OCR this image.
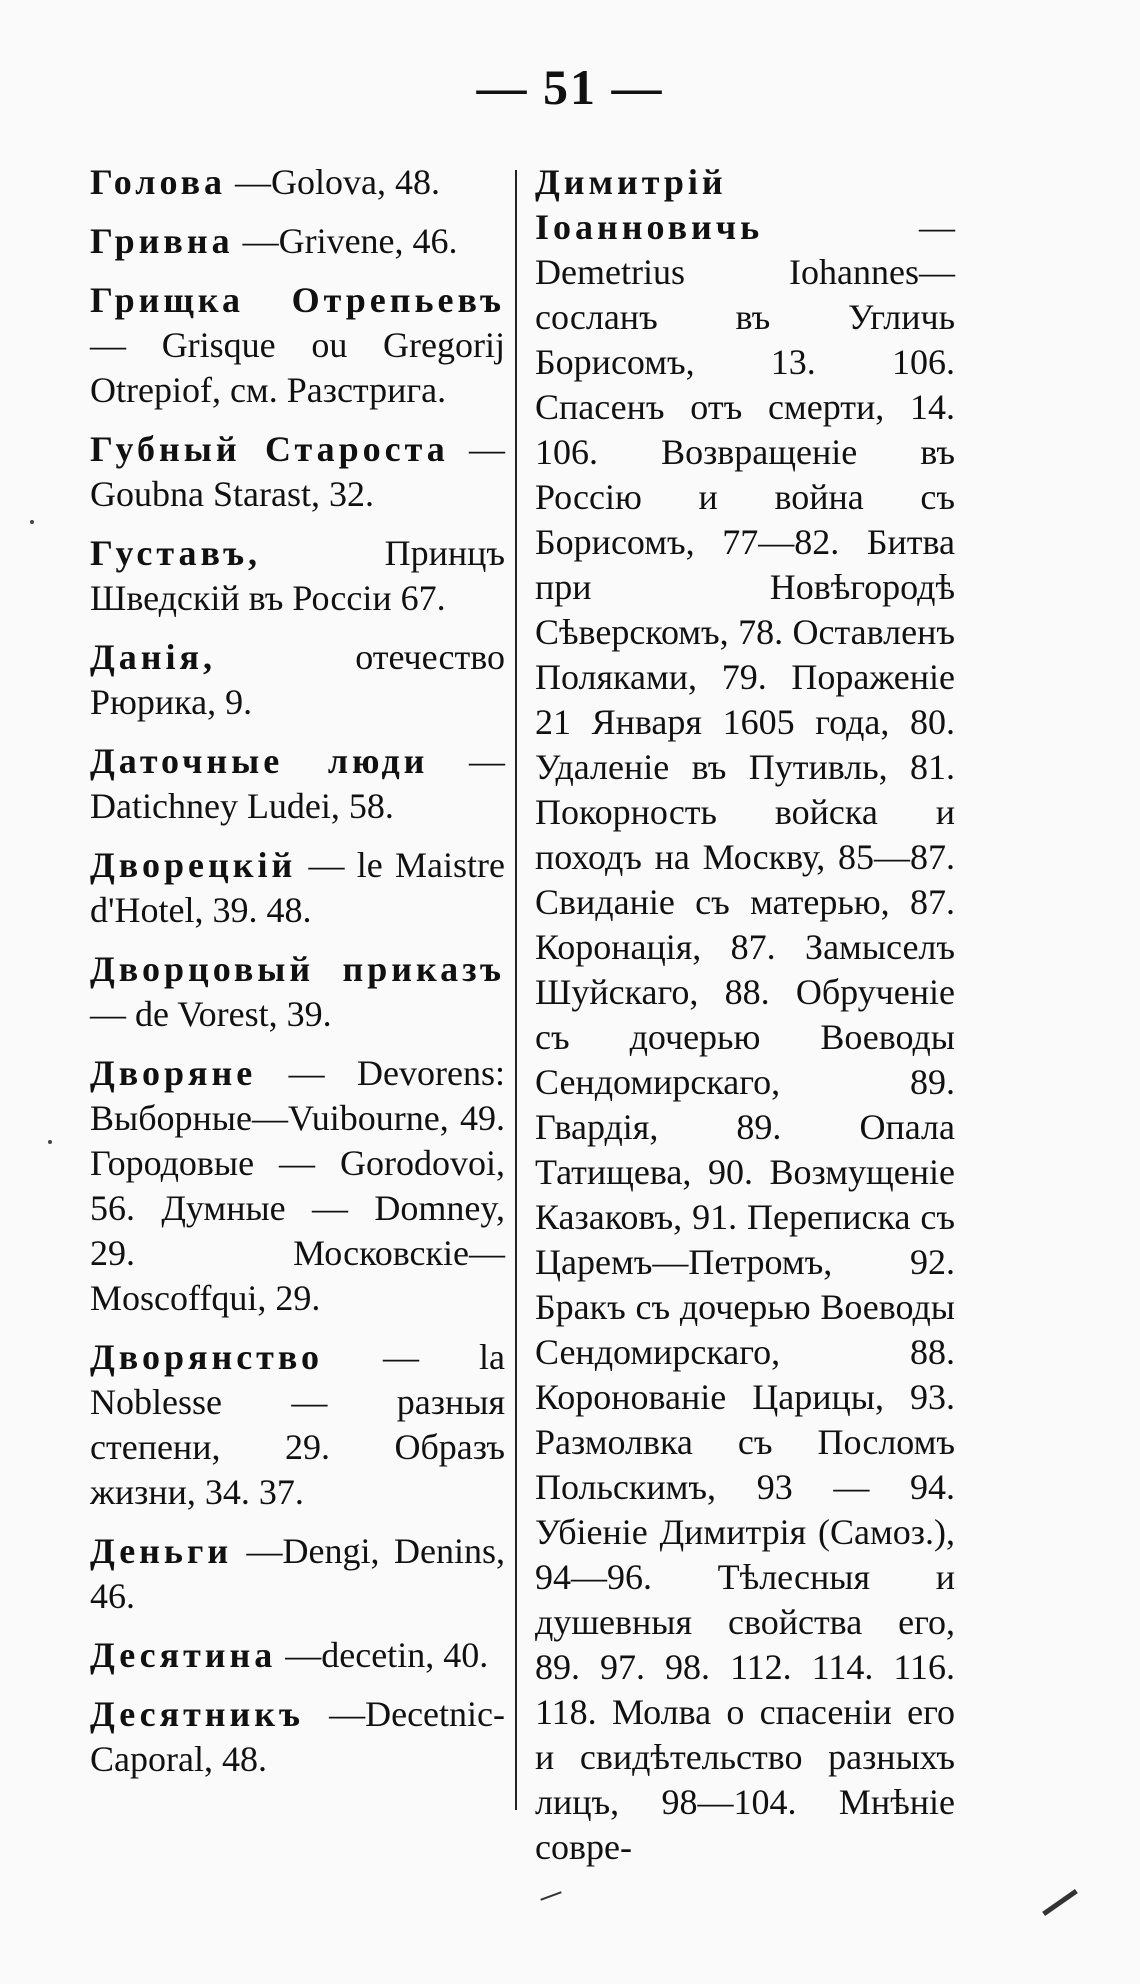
— 51 —

Голова —Golova, 48.

Гривна —Grivene, 46.

Грищка Отрепьевъ — Grisque ou Gregorij Otrepiof, см. Разстрига.

Губный Староста — Goubna Starast, 32.

Густавъ,	Принцъ Шведскій въ Россіи 67.

Данія,	отечество Рюрика, 9.

Даточные люди —Datichney Ludei, 58.

Дворецкій — le Maistre d'Hotel, 39. 48.

Дворцовый приказъ — de Vorest, 39.

Дворяне — Devorens: Выборные—Vuibourne, 49. Городовые — Gorodovoi, 56. Думные — Domney, 29. Московскіе—Moscoffqui, 29.

Дворянство — la Noblesse — разныя степени, 29. Образъ жизни, 34. 37.

Деньги —Dengi, Denins, 46.

Десятина —decetin, 40.

Десятникъ —Decetnic-Caporal, 48.

Димитрій Іоанновичь	—Demetrius Iohannes—сосланъ въ Угличь Борисомъ, 13. 106. Спасенъ отъ смерти, 14. 106. Возвращеніе въ Россію и война съ Борисомъ, 77—82. Битва при Новѣгородѣ Сѣверскомъ, 78. Оставленъ Поляками, 79. Пораженіе 21 Января 1605 года, 80. Удаленіе въ Путивль, 81. Покорность войска и походъ на Москву, 85—87. Свиданіе съ матерью, 87. Коронація, 87. Замыселъ Шуйскаго, 88. Обрученіе съ дочерью Воеводы Сендомирскаго, 89. Гвардія, 89. Опала Татищева, 90. Возмущеніе Казаковъ, 91. Переписка съ Царемъ—Петромъ, 92. Бракъ съ дочерью Воеводы Сендомирскаго, 88. Коронованіе Царицы, 93. Размолвка съ Посломъ Польскимъ, 93 — 94. Убіеніе Димитрія (Самоз.), 94—96. Тѣлесныя и душевныя свойства его, 89. 97. 98. 112. 114. 116. 118. Молва о спасеніи его и свидѣтельство разныхъ лицъ, 98—104. Мнѣніе совре-
